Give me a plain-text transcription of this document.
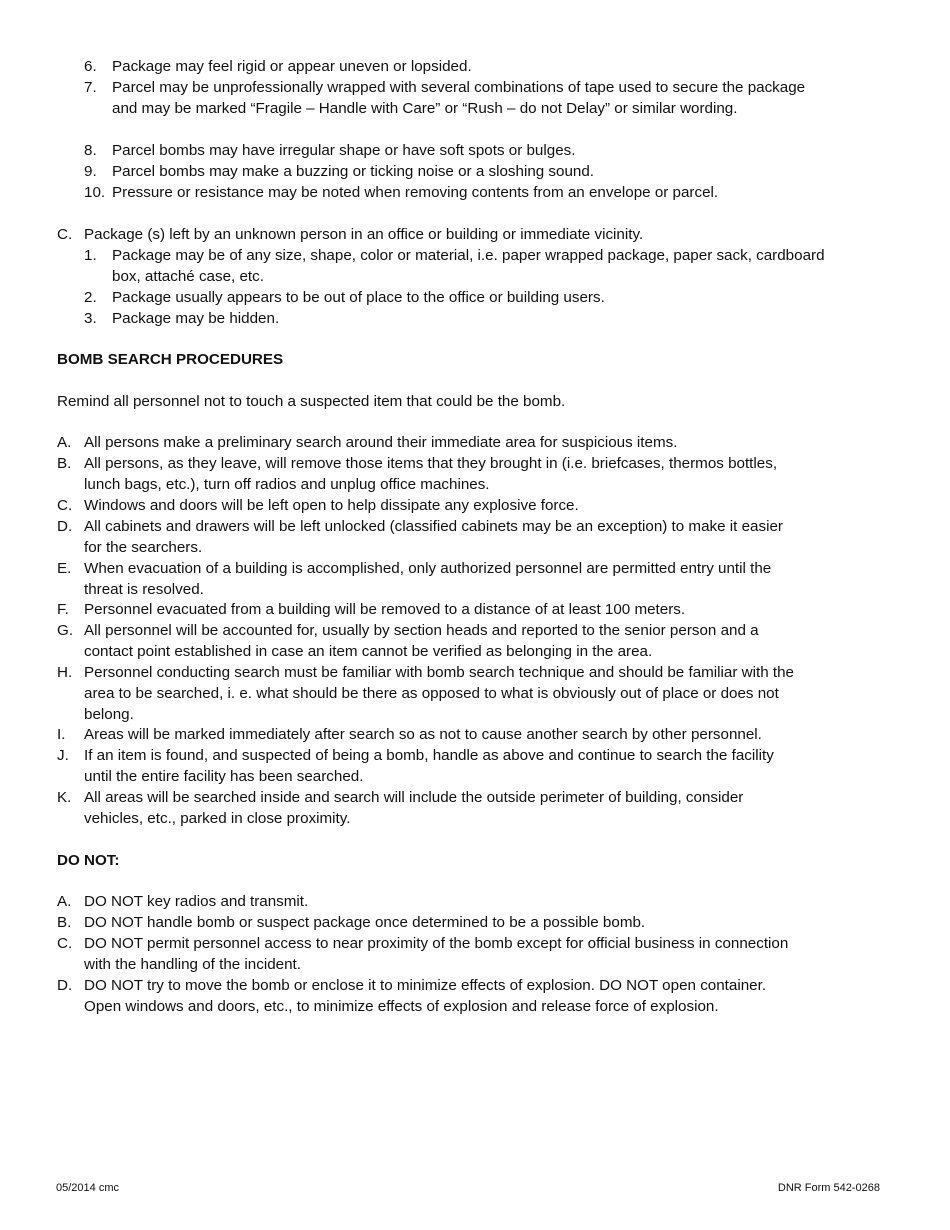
6. Package may feel rigid or appear uneven or lopsided.
7. Parcel may be unprofessionally wrapped with several combinations of tape used to secure the package and may be marked “Fragile – Handle with Care” or “Rush – do not Delay” or similar wording.
8. Parcel bombs may have irregular shape or have soft spots or bulges.
9. Parcel bombs may make a buzzing or ticking noise or a sloshing sound.
10. Pressure or resistance may be noted when removing contents from an envelope or parcel.
C. Package (s) left by an unknown person in an office or building or immediate vicinity.
1. Package may be of any size, shape, color or material, i.e. paper wrapped package, paper sack, cardboard box, attaché case, etc.
2. Package usually appears to be out of place to the office or building users.
3. Package may be hidden.
BOMB SEARCH PROCEDURES
Remind all personnel not to touch a suspected item that could be the bomb.
A. All persons make a preliminary search around their immediate area for suspicious items.
B. All persons, as they leave, will remove those items that they brought in (i.e. briefcases, thermos bottles, lunch bags, etc.), turn off radios and unplug office machines.
C. Windows and doors will be left open to help dissipate any explosive force.
D. All cabinets and drawers will be left unlocked (classified cabinets may be an exception) to make it easier for the searchers.
E. When evacuation of a building is accomplished, only authorized personnel are permitted entry until the threat is resolved.
F. Personnel evacuated from a building will be removed to a distance of at least 100 meters.
G. All personnel will be accounted for, usually by section heads and reported to the senior person and a contact point established in case an item cannot be verified as belonging in the area.
H. Personnel conducting search must be familiar with bomb search technique and should be familiar with the area to be searched, i. e. what should be there as opposed to what is obviously out of place or does not belong.
I. Areas will be marked immediately after search so as not to cause another search by other personnel.
J. If an item is found, and suspected of being a bomb, handle as above and continue to search the facility until the entire facility has been searched.
K. All areas will be searched inside and search will include the outside perimeter of building, consider vehicles, etc., parked in close proximity.
DO NOT:
A. DO NOT key radios and transmit.
B. DO NOT handle bomb or suspect package once determined to be a possible bomb.
C. DO NOT permit personnel access to near proximity of the bomb except for official business in connection with the handling of the incident.
D. DO NOT try to move the bomb or enclose it to minimize effects of explosion. DO NOT open container. Open windows and doors, etc., to minimize effects of explosion and release force of explosion.
05/2014 cmc	DNR Form 542-0268
